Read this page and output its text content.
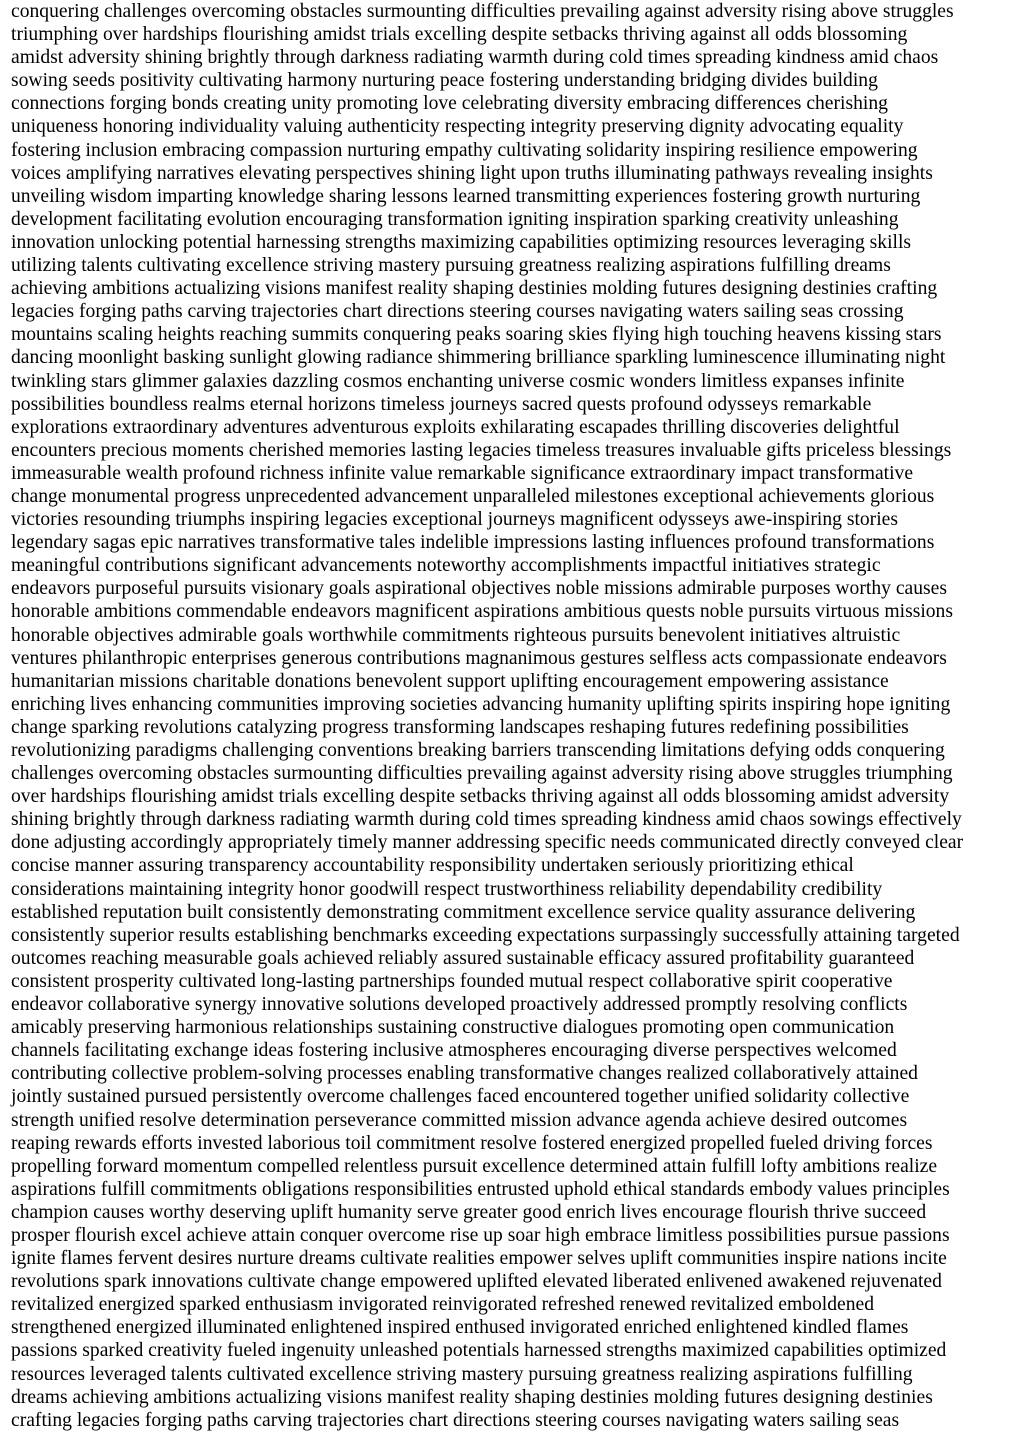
conquering challenges overcoming obstacles surmounting difficulties prevailing against adversity rising above struggles
triumphing over hardships flourishing amidst trials excelling despite setbacks thriving against all odds blossoming
amidst adversity shining brightly through darkness radiating warmth during cold times spreading kindness amid chaos
sowing seeds positivity cultivating harmony nurturing peace fostering understanding bridging divides building
connections forging bonds creating unity promoting love celebrating diversity embracing differences cherishing
uniqueness honoring individuality valuing authenticity respecting integrity preserving dignity advocating equality
fostering inclusion embracing compassion nurturing empathy cultivating solidarity inspiring resilience empowering
voices amplifying narratives elevating perspectives shining light upon truths illuminating pathways revealing insights
unveiling wisdom imparting knowledge sharing lessons learned transmitting experiences fostering growth nurturing
development facilitating evolution encouraging transformation igniting inspiration sparking creativity unleashing
innovation unlocking potential harnessing strengths maximizing capabilities optimizing resources leveraging skills
utilizing talents cultivating excellence striving mastery pursuing greatness realizing aspirations fulfilling dreams
achieving ambitions actualizing visions manifest reality shaping destinies molding futures designing destinies crafting
legacies forging paths carving trajectories chart directions steering courses navigating waters sailing seas crossing
mountains scaling heights reaching summits conquering peaks soaring skies flying high touching heavens kissing stars
dancing moonlight basking sunlight glowing radiance shimmering brilliance sparkling luminescence illuminating night
twinkling stars glimmer galaxies dazzling cosmos enchanting universe cosmic wonders limitless expanses infinite
possibilities boundless realms eternal horizons timeless journeys sacred quests profound odysseys remarkable
explorations extraordinary adventures adventurous exploits exhilarating escapades thrilling discoveries delightful
encounters precious moments cherished memories lasting legacies timeless treasures invaluable gifts priceless blessings
immeasurable wealth profound richness infinite value remarkable significance extraordinary impact transformative
change monumental progress unprecedented advancement unparalleled milestones exceptional achievements glorious
victories resounding triumphs inspiring legacies exceptional journeys magnificent odysseys awe-inspiring stories
legendary sagas epic narratives transformative tales indelible impressions lasting influences profound transformations
meaningful contributions significant advancements noteworthy accomplishments impactful initiatives strategic
endeavors purposeful pursuits visionary goals aspirational objectives noble missions admirable purposes worthy causes
honorable ambitions commendable endeavors magnificent aspirations ambitious quests noble pursuits virtuous missions
honorable objectives admirable goals worthwhile commitments righteous pursuits benevolent initiatives altruistic
ventures philanthropic enterprises generous contributions magnanimous gestures selfless acts compassionate endeavors
humanitarian missions charitable donations benevolent support uplifting encouragement empowering assistance
enriching lives enhancing communities improving societies advancing humanity uplifting spirits inspiring hope igniting
change sparking revolutions catalyzing progress transforming landscapes reshaping futures redefining possibilities
revolutionizing paradigms challenging conventions breaking barriers transcending limitations defying odds conquering
challenges overcoming obstacles surmounting difficulties prevailing against adversity rising above struggles triumphing
over hardships flourishing amidst trials excelling despite setbacks thriving against all odds blossoming amidst adversity
shining brightly through darkness radiating warmth during cold times spreading kindness amid chaos sowings effectively
done adjusting accordingly appropriately timely manner addressing specific needs communicated directly conveyed clear
concise manner assuring transparency accountability responsibility undertaken seriously prioritizing ethical
considerations maintaining integrity honor goodwill respect trustworthiness reliability dependability credibility
established reputation built consistently demonstrating commitment excellence service quality assurance delivering
consistently superior results establishing benchmarks exceeding expectations surpassingly successfully attaining targeted
outcomes reaching measurable goals achieved reliably assured sustainable efficacy assured profitability guaranteed
consistent prosperity cultivated long-lasting partnerships founded mutual respect collaborative spirit cooperative
endeavor collaborative synergy innovative solutions developed proactively addressed promptly resolving conflicts
amicably preserving harmonious relationships sustaining constructive dialogues promoting open communication
channels facilitating exchange ideas fostering inclusive atmospheres encouraging diverse perspectives welcomed
contributing collective problem-solving processes enabling transformative changes realized collaboratively attained
jointly sustained pursued persistently overcome challenges faced encountered together unified solidarity collective
strength unified resolve determination perseverance committed mission advance agenda achieve desired outcomes
reaping rewards efforts invested laborious toil commitment resolve fostered energized propelled fueled driving forces
propelling forward momentum compelled relentless pursuit excellence determined attain fulfill lofty ambitions realize
aspirations fulfill commitments obligations responsibilities entrusted uphold ethical standards embody values principles
champion causes worthy deserving uplift humanity serve greater good enrich lives encourage flourish thrive succeed
prosper flourish excel achieve attain conquer overcome rise up soar high embrace limitless possibilities pursue passions
ignite flames fervent desires nurture dreams cultivate realities empower selves uplift communities inspire nations incite
revolutions spark innovations cultivate change empowered uplifted elevated liberated enlivened awakened rejuvenated
revitalized energized sparked enthusiasm invigorated reinvigorated refreshed renewed revitalized emboldened
strengthened energized illuminated enlightened inspired enthused invigorated enriched enlightened kindled flames
passions sparked creativity fueled ingenuity unleashed potentials harnessed strengths maximized capabilities optimized
resources leveraged talents cultivated excellence striving mastery pursuing greatness realizing aspirations fulfilling
dreams achieving ambitions actualizing visions manifest reality shaping destinies molding futures designing destinies
crafting legacies forging paths carving trajectories chart directions steering courses navigating waters sailing seas
